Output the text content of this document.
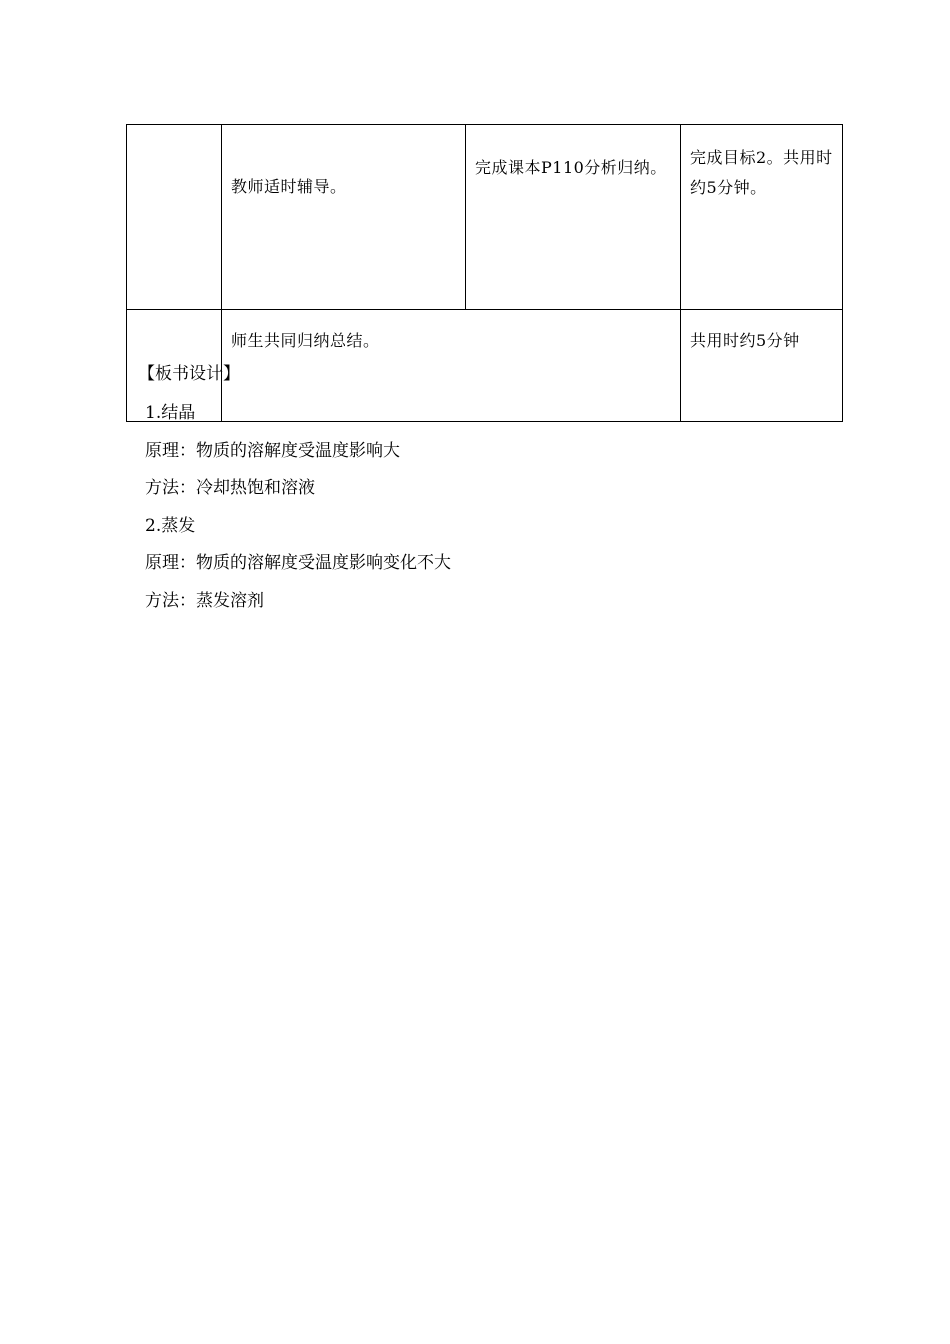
	教师适时辅导。	完成课本P110分析归纳。	完成目标2。共用时约5分钟。
	师生共同归纳总结。		共用时约5分钟
【板书设计】
1.结晶
原理：物质的溶解度受温度影响大
方法：冷却热饱和溶液
2.蒸发
原理：物质的溶解度受温度影响变化不大
方法：蒸发溶剂
